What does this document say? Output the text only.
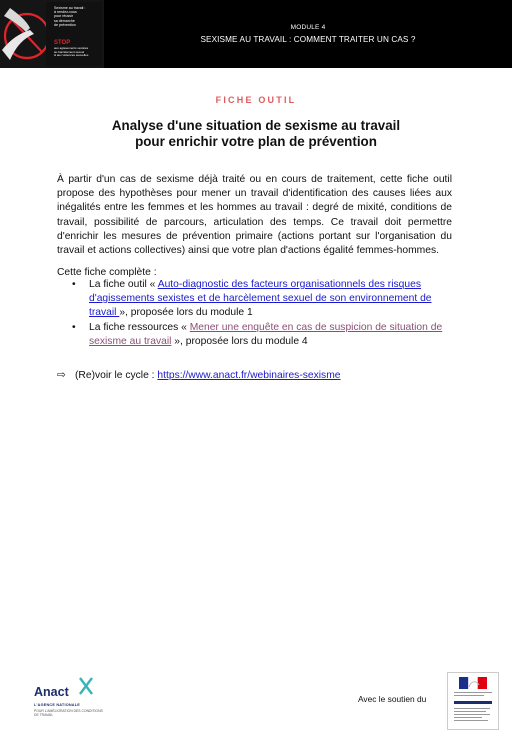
Sexisme au travail :
à rendez-vous
pour réussir
sa démarche
de prévention
STOP
aux agissements sexistes
au harcèlement sexuel
& aux violences sexuelles
MODULE 4
SEXISME AU TRAVAIL : COMMENT TRAITER UN CAS ?
FICHE OUTIL
Analyse d'une situation de sexisme au travail
pour enrichir votre plan de prévention
À partir d'un cas de sexisme déjà traité ou en cours de traitement, cette fiche outil propose des hypothèses pour mener un travail d'identification des causes liées aux inégalités entre les femmes et les hommes au travail : degré de mixité, conditions de travail, possibilité de parcours, articulation des temps. Ce travail doit permettre d'enrichir les mesures de prévention primaire (actions portant sur l'organisation du travail et actions collectives) ainsi que votre plan d'actions égalité femmes-hommes.
Cette fiche complète :
• La fiche outil « Auto-diagnostic des facteurs organisationnels des risques d'agissements sexistes et de harcèlement sexuel de son environnement de travail », proposée lors du module 1
• La fiche ressources « Mener une enquête en cas de suspicion de situation de sexisme au travail », proposée lors du module 4
⇨ (Re)voir le cycle : https://www.anact.fr/webinaires-sexisme
Anact
L'AGENCE NATIONALE
POUR L'AMÉLIORATION DES CONDITIONS DE TRAVAIL
Avec le soutien du
